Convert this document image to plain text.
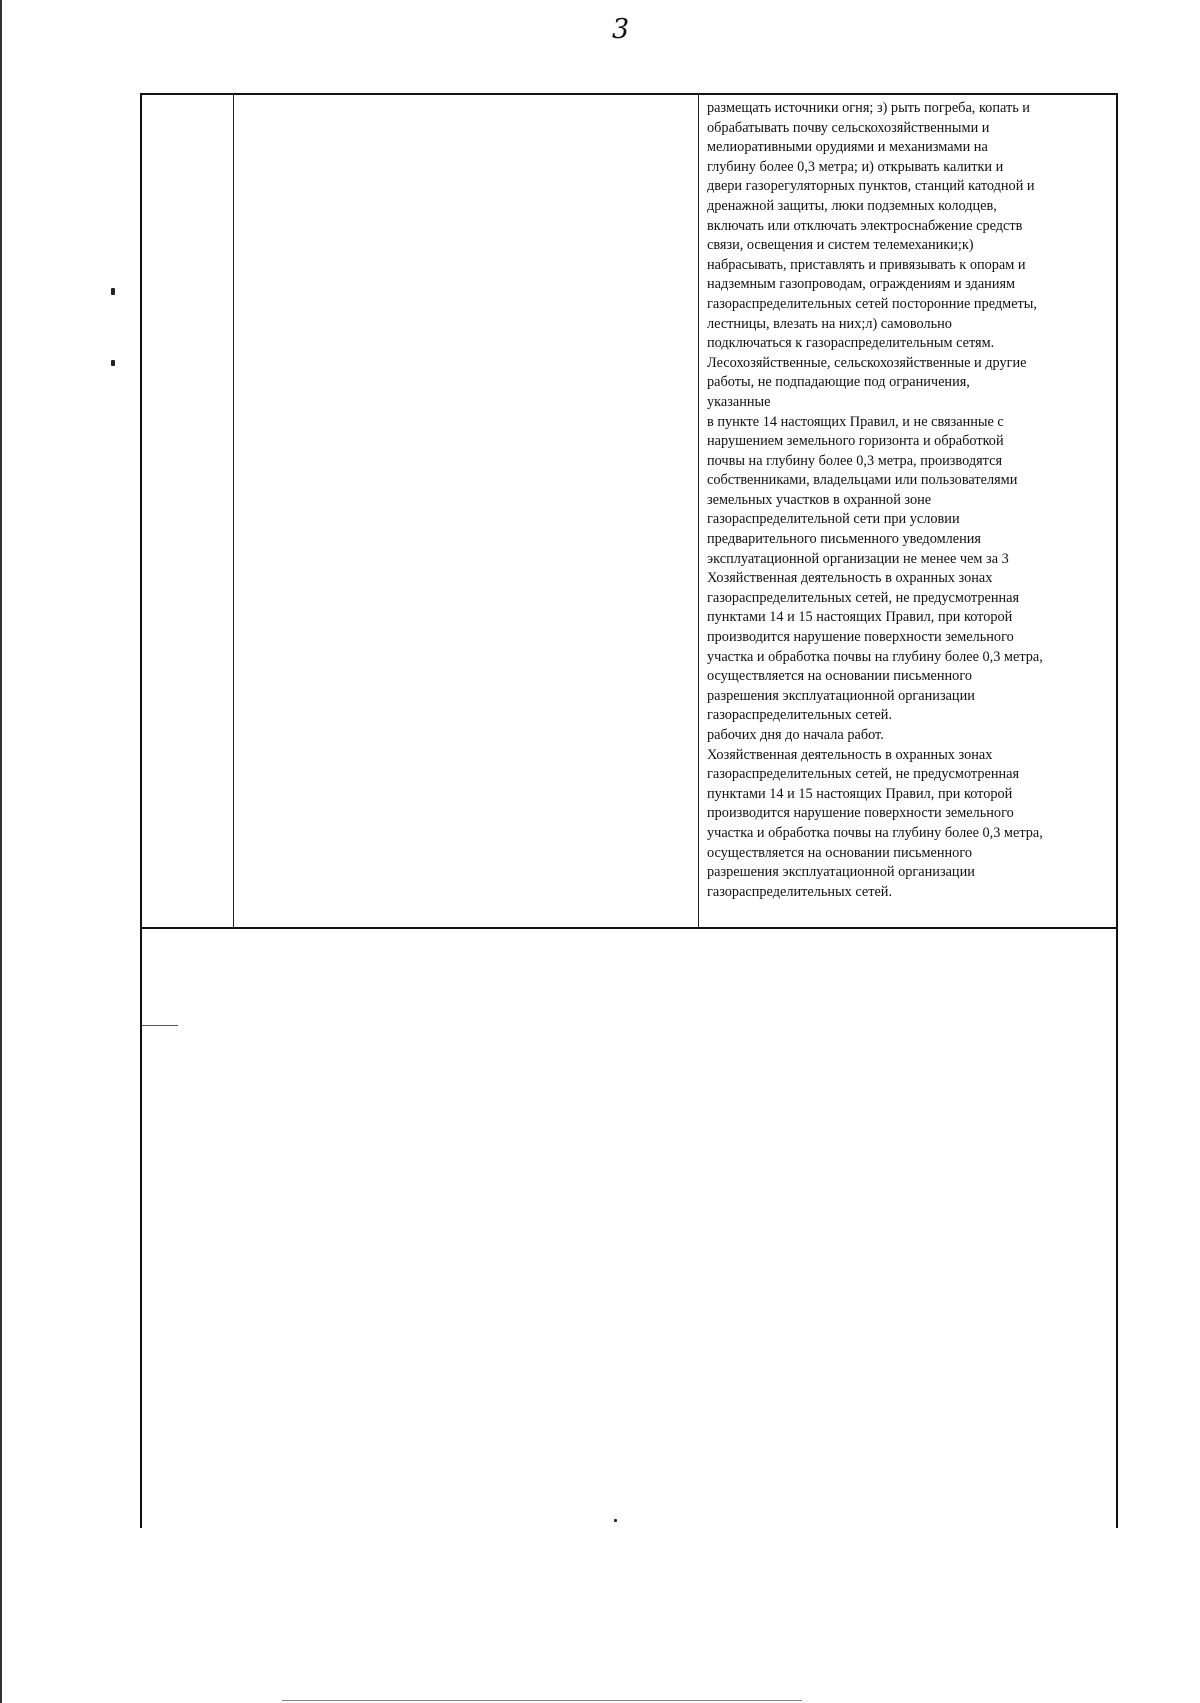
3

размещать источники огня; з) рыть погреба, копать и
обрабатывать почву сельскохозяйственными и
мелиоративными орудиями и механизмами на
глубину более 0,3 метра; и) открывать калитки и
двери газорегуляторных пунктов, станций катодной и
дренажной защиты, люки подземных колодцев,
включать или отключать электроснабжение средств
связи, освещения и систем телемеханики;к)
набрасывать, приставлять и привязывать к опорам и
надземным газопроводам, ограждениям и зданиям
газораспределительных сетей посторонние предметы,
лестницы, влезать на них;л) самовольно
подключаться к газораспределительным сетям.

Лесохозяйственные, сельскохозяйственные и другие
работы, не подпадающие под ограничения,
указанные

в пункте 14 настоящих Правил, и не связанные с
нарушением земельного горизонта и обработкой
почвы на глубину более 0,3 метра, производятся
собственниками, владельцами или пользователями
земельных участков в охранной зоне
газораспределительной сети при условии
предварительного письменного уведомления
эксплуатационной организации не менее чем за 3

Хозяйственная деятельность в охранных зонах
газораспределительных сетей, не предусмотренная
пунктами 14 и 15 настоящих Правил, при которой
производится нарушение поверхности земельного
участка и обработка почвы на глубину более 0,3 метра,
осуществляется на основании письменного
разрешения эксплуатационной организации
газораспределительных сетей.

рабочих дня до начала работ.

Хозяйственная деятельность в охранных зонах
газораспределительных сетей, не предусмотренная
пунктами 14 и 15 настоящих Правил, при которой
производится нарушение поверхности земельного
участка и обработка почвы на глубину более 0,3 метра,
осуществляется на основании письменного
разрешения эксплуатационной организации
газораспределительных сетей.
